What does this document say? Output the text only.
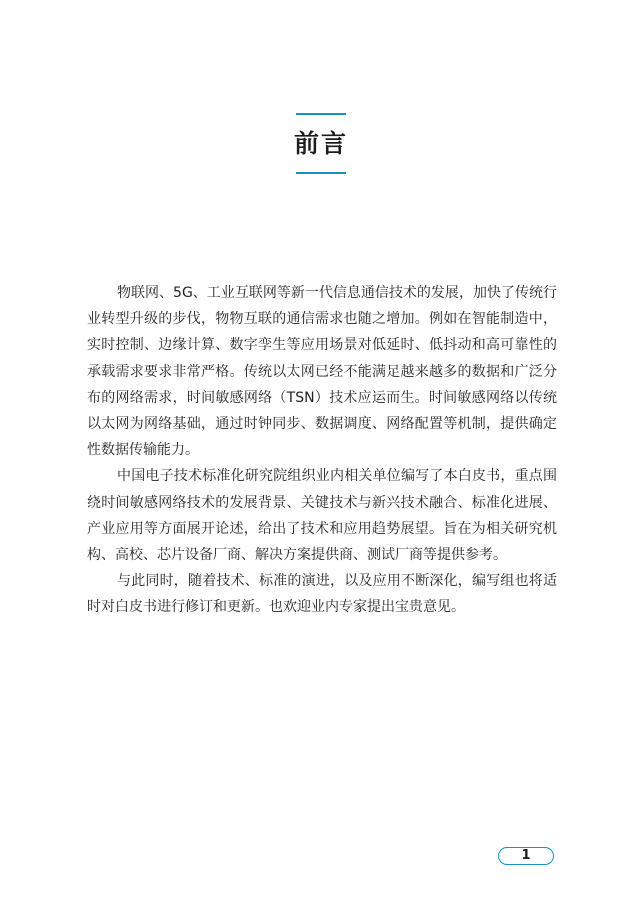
前言

物联网、5G、工业互联网等新一代信息通信技术的发展，加快了传统行业转型升级的步伐，物物互联的通信需求也随之增加。例如在智能制造中，实时控制、边缘计算、数字孪生等应用场景对低延时、低抖动和高可靠性的承载需求要求非常严格。传统以太网已经不能满足越来越多的数据和广泛分布的网络需求，时间敏感网络（TSN）技术应运而生。时间敏感网络以传统以太网为网络基础，通过时钟同步、数据调度、网络配置等机制，提供确定性数据传输能力。

中国电子技术标准化研究院组织业内相关单位编写了本白皮书，重点围绕时间敏感网络技术的发展背景、关键技术与新兴技术融合、标准化进展、产业应用等方面展开论述，给出了技术和应用趋势展望。旨在为相关研究机构、高校、芯片设备厂商、解决方案提供商、测试厂商等提供参考。

与此同时，随着技术、标准的演进，以及应用不断深化，编写组也将适时对白皮书进行修订和更新。也欢迎业内专家提出宝贵意见。

1
